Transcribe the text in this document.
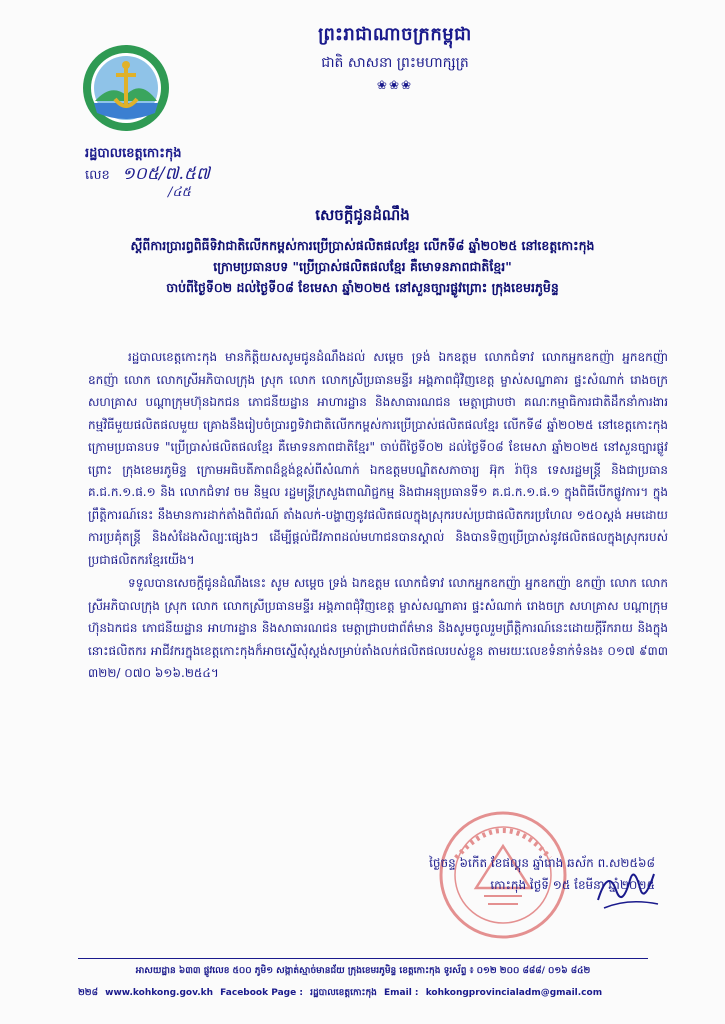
ព្រះរាជាណាចក្រកម្ពុជា
ជាតិ សាសនា ព្រះមហាក្សត្រ
❀❀❀
រដ្ឋបាលខេត្តកោះកុង
លេខ ១០៥/៧.៥៧
/៤៥
សេចក្តីជូនដំណឹង
ស្តីពីការប្រារព្ធពិធីទិវាជាតិលើកកម្ពស់ការប្រើប្រាស់ផលិតផលខ្មែរ លើកទី៨ ឆ្នាំ២០២៥ នៅខេត្តកោះកុង
ក្រោមប្រធានបទ "ប្រើប្រាស់ផលិតផលខ្មែរ គឺមោទនភាពជាតិខ្មែរ"
ចាប់ពីថ្ងៃទី០២ ដល់ថ្ងៃទី០៨ ខែមេសា ឆ្នាំ២០២៥ នៅសួនច្បារផ្លូវព្រោះ ក្រុងខេមរភូមិន្ទ

រដ្ឋបាលខេត្តកោះកុង មានកិត្តិយសសូមជូនដំណឹងដល់ សម្តេច ទ្រង់ ឯកឧត្តម លោកជំទាវ លោកអ្នកឧកញ៉ា អ្នកឧកញ៉ា ឧកញ៉ា លោក លោកស្រីអភិបាលក្រុង ស្រុក លោក លោកស្រីប្រធានមន្ទីរ អង្គភាពជុំវិញខេត្ត ម្ចាស់សណ្ឋាគារ ផ្ទះសំណាក់ រោងចក្រ សហគ្រាស បណ្តាក្រុមហ៊ុនឯកជន ភោជនីយដ្ឋាន អាហារដ្ឋាន និងសាធារណជន មេត្តាជ្រាបថា គណៈកម្មាធិការជាតិដឹកនាំការងារកម្មវិធីមួយផលិតផលមួយ គ្រោងនឹងរៀបចំប្រារព្ធទិវាជាតិលើកកម្ពស់ការប្រើប្រាស់ផលិតផលខ្មែរ លើកទី៨ ឆ្នាំ២០២៥ នៅខេត្តកោះកុង ក្រោមប្រធានបទ "ប្រើប្រាស់ផលិតផលខ្មែរ គឺមោទនភាពជាតិខ្មែរ" ចាប់ពីថ្ងៃទី០២ ដល់ថ្ងៃទី០៨ ខែមេសា ឆ្នាំ២០២៥ នៅសួនច្បារផ្លូវព្រោះ ក្រុងខេមរភូមិន្ទ ក្រោមអធិបតីភាពដ៏ខ្ពង់ខ្ពស់ពីសំណាក់ ឯកឧត្តមបណ្ឌិតសភាចារ្យ អ៊ុក រ៉ាប៊ុន ទេសរដ្ឋមន្ត្រី និងជាប្រធាន គ.ជ.ក.១.ផ.១ និង លោកជំទាវ ចម និម្មល រដ្ឋមន្ត្រីក្រសួងពាណិជ្ជកម្ម និងជាអនុប្រធានទី១ គ.ជ.ក.១.ផ.១ ក្នុងពិធីបើកផ្លូវការ។ ក្នុងព្រឹត្តិការណ៍នេះ នឹងមានការដាក់តាំងពិព័រណ៍ តាំងលក់-បង្ហាញនូវផលិតផលក្នុងស្រុករបស់ប្រជាផលិតករប្រហែល ១៥០ស្តង់ អមដោយការប្រគុំតន្ត្រី និងសំដែងសិល្បៈផ្សេងៗ ដើម្បីផ្តល់ជីវភាពដល់មហាជនបានស្គាល់ និងបានទិញប្រើប្រាស់នូវផលិតផលក្នុងស្រុករបស់ប្រជាផលិតករខ្មែរយើង។

ទទួលបានសេចក្តីជូនដំណឹងនេះ សូម សម្តេច ទ្រង់ ឯកឧត្តម លោកជំទាវ លោកអ្នកឧកញ៉ា អ្នកឧកញ៉ា ឧកញ៉ា លោក លោកស្រីអភិបាលក្រុង ស្រុក លោក លោកស្រីប្រធានមន្ទីរ អង្គភាពជុំវិញខេត្ត ម្ចាស់សណ្ឋាគារ ផ្ទះសំណាក់ រោងចក្រ សហគ្រាស បណ្តាក្រុមហ៊ុនឯកជន ភោជនីយដ្ឋាន អាហារដ្ឋាន និងសាធារណជន មេត្តាជ្រាបជាព័ត៌មាន និងសូមចូលរួមព្រឹត្តិការណ៍នេះដោយក្តីរីករាយ និងក្នុងនោះផលិតករ អាជីវករក្នុងខេត្តកោះកុងក៏អាចស្នើសុំស្តង់សម្រាប់តាំងលក់ផលិតផលរបស់ខ្លួន តាមរយៈលេខទំនាក់ទំនង៖ ០១៧ ៩៣៣ ៣២២/ ០៧០ ៦១៦.២៥៤។

ថ្ងៃចន្ទ ៦កើត ខែផល្គុន ឆ្នាំរោង ឆស័ក ព.ស២៥៦៨
កោះកុង ថ្ងៃទី ១៥ ខែមីនា ឆ្នាំ២០២៥
អាសយដ្ឋាន ៦៣៣ ផ្លូវលេខ ៥០០ ភូមិ១ សង្កាត់ស្មាច់មានជ័យ ក្រុងខេមរភូមិន្ទ ខេត្តកោះកុង ទូរស័ព្ទ ៖ ០១២ ២០០ ៨៨៨/ ០១៦ ៨៤២
២២៨ www.kohkong.gov.kh Facebook Page : រដ្ឋបាលខេត្តកោះកុង Email : kohkongprovincialadm@gmail.com
